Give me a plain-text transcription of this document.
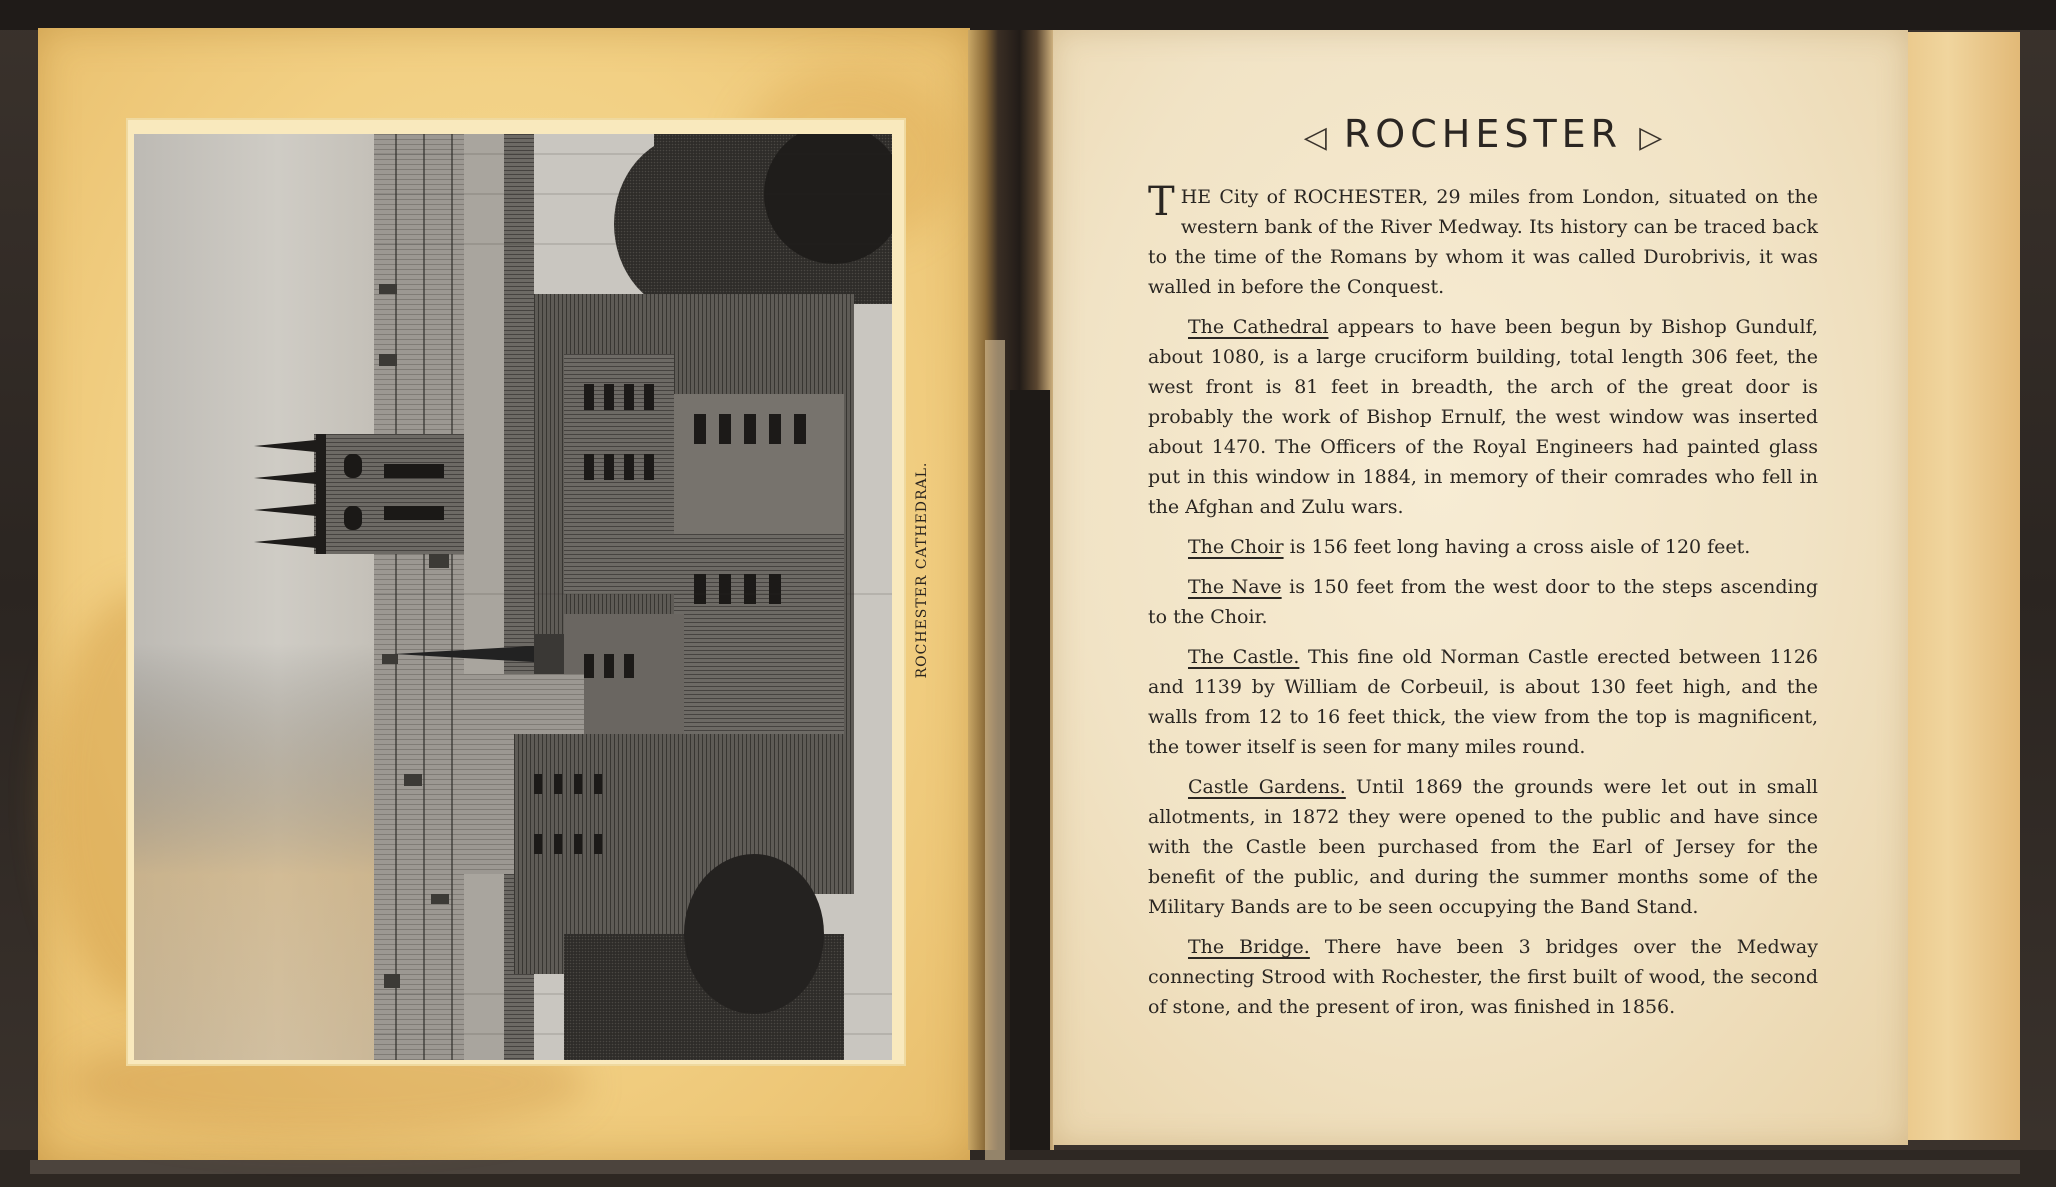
ROCHESTER CATHEDRAL.
◁ ROCHESTER ▷

THE City of ROCHESTER, 29 miles from London, situated on the western bank of the River Medway. Its history can be traced back to the time of the Romans by whom it was called Durobrivis, it was walled in before the Conquest.

The Cathedral appears to have been begun by Bishop Gundulf, about 1080, is a large cruciform building, total length 306 feet, the west front is 81 feet in breadth, the arch of the great door is probably the work of Bishop Ernulf, the west window was inserted about 1470. The Officers of the Royal Engineers had painted glass put in this window in 1884, in memory of their comrades who fell in the Afghan and Zulu wars.

The Choir is 156 feet long having a cross aisle of 120 feet.

The Nave is 150 feet from the west door to the steps ascending to the Choir.

The Castle. This fine old Norman Castle erected between 1126 and 1139 by William de Corbeuil, is about 130 feet high, and the walls from 12 to 16 feet thick, the view from the top is magnificent, the tower itself is seen for many miles round.

Castle Gardens. Until 1869 the grounds were let out in small allotments, in 1872 they were opened to the public and have since with the Castle been purchased from the Earl of Jersey for the benefit of the public, and during the summer months some of the Military Bands are to be seen occupying the Band Stand.

The Bridge. There have been 3 bridges over the Medway connecting Strood with Rochester, the first built of wood, the second of stone, and the present of iron, was finished in 1856.
